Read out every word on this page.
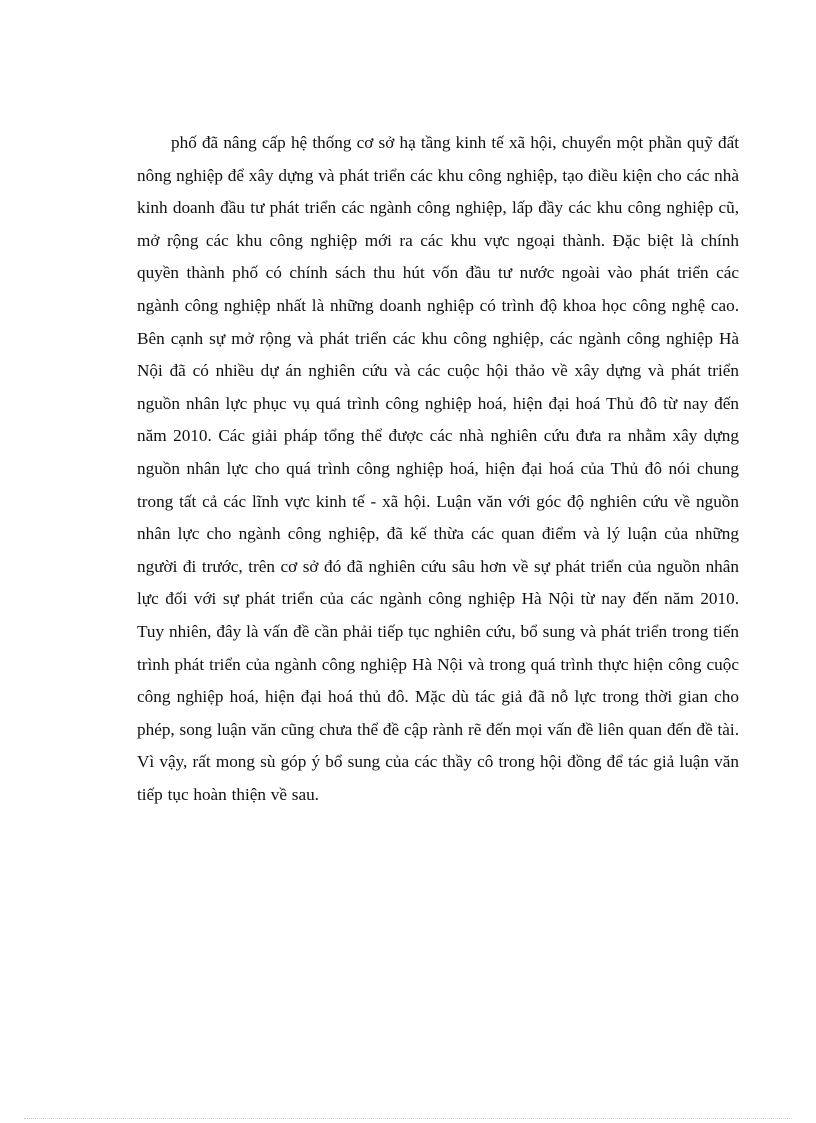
phố đã nâng cấp hệ thống cơ sở hạ tầng kinh tế xã hội, chuyển một phần quỹ đất nông nghiệp để xây dựng và phát triển các khu công nghiệp, tạo điều kiện cho các nhà kinh doanh đầu tư phát triển các ngành công nghiệp, lấp đầy các khu công nghiệp cũ, mở rộng các khu công nghiệp mới ra các khu vực ngoại thành. Đặc biệt là chính quyền thành phố có chính sách thu hút vốn đầu tư nước ngoài vào phát triển các ngành công nghiệp nhất là những doanh nghiệp có trình độ khoa học công nghệ cao. Bên cạnh sự mở rộng và phát triển các khu công nghiệp, các ngành công nghiệp Hà Nội đã có nhiều dự án nghiên cứu và các cuộc hội thảo về xây dựng và phát triển nguồn nhân lực phục vụ quá trình công nghiệp hoá, hiện đại hoá Thủ đô từ nay đến năm 2010. Các giải pháp tổng thể được các nhà nghiên cứu đưa ra nhằm xây dựng nguồn nhân lực cho quá trình công nghiệp hoá, hiện đại hoá của Thủ đô nói chung trong tất cả các lĩnh vực kinh tế - xã hội. Luận văn với góc độ nghiên cứu về nguồn nhân lực cho ngành công nghiệp, đã kế thừa các quan điểm và lý luận của những người đi trước, trên cơ sở đó đã nghiên cứu sâu hơn về sự phát triển của nguồn nhân lực đối với sự phát triển của các ngành công nghiệp Hà Nội từ nay đến năm 2010. Tuy nhiên, đây là vấn đề cần phải tiếp tục nghiên cứu, bổ sung và phát triển trong tiến trình phát triển của ngành công nghiệp Hà Nội và trong quá trình thực hiện công cuộc công nghiệp hoá, hiện đại hoá thủ đô. Mặc dù tác giả đã nỗ lực trong thời gian cho phép, song luận văn cũng chưa thể đề cập rành rẽ đến mọi vấn đề liên quan đến đề tài. Vì vậy, rất mong sù góp ý bổ sung của các thầy cô trong hội đồng để tác giả luận văn tiếp tục hoàn thiện về sau.
